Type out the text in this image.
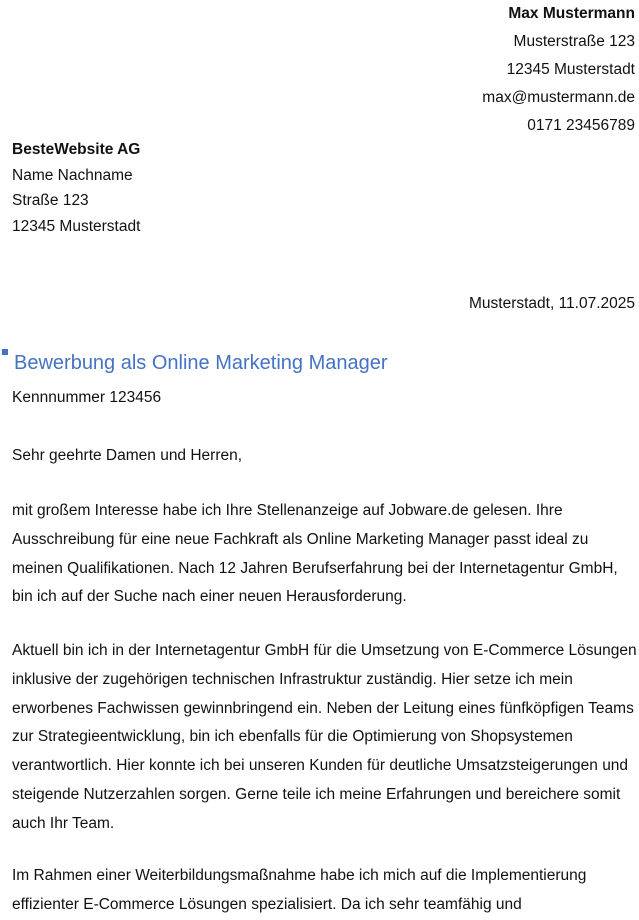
Max Mustermann
Musterstraße 123
12345 Musterstadt
max@mustermann.de
0171 23456789
BesteWebsite AG
Name Nachname
Straße 123
12345 Musterstadt
Musterstadt, 11.07.2025
Bewerbung als Online Marketing Manager
Kennnummer 123456
Sehr geehrte Damen und Herren,

mit großem Interesse habe ich Ihre Stellenanzeige auf Jobware.de gelesen. Ihre Ausschreibung für eine neue Fachkraft als Online Marketing Manager passt ideal zu meinen Qualifikationen. Nach 12 Jahren Berufserfahrung bei der Internetagentur GmbH, bin ich auf der Suche nach einer neuen Herausforderung.

Aktuell bin ich in der Internetagentur GmbH für die Umsetzung von E-Commerce Lösungen inklusive der zugehörigen technischen Infrastruktur zuständig. Hier setze ich mein erworbenes Fachwissen gewinnbringend ein. Neben der Leitung eines fünfköpfigen Teams zur Strategieentwicklung, bin ich ebenfalls für die Optimierung von Shopsystemen verantwortlich. Hier konnte ich bei unseren Kunden für deutliche Umsatzsteigerungen und steigende Nutzerzahlen sorgen. Gerne teile ich meine Erfahrungen und bereichere somit auch Ihr Team.

Im Rahmen einer Weiterbildungsmaßnahme habe ich mich auf die Implementierung effizienter E-Commerce Lösungen spezialisiert. Da ich sehr teamfähig und
